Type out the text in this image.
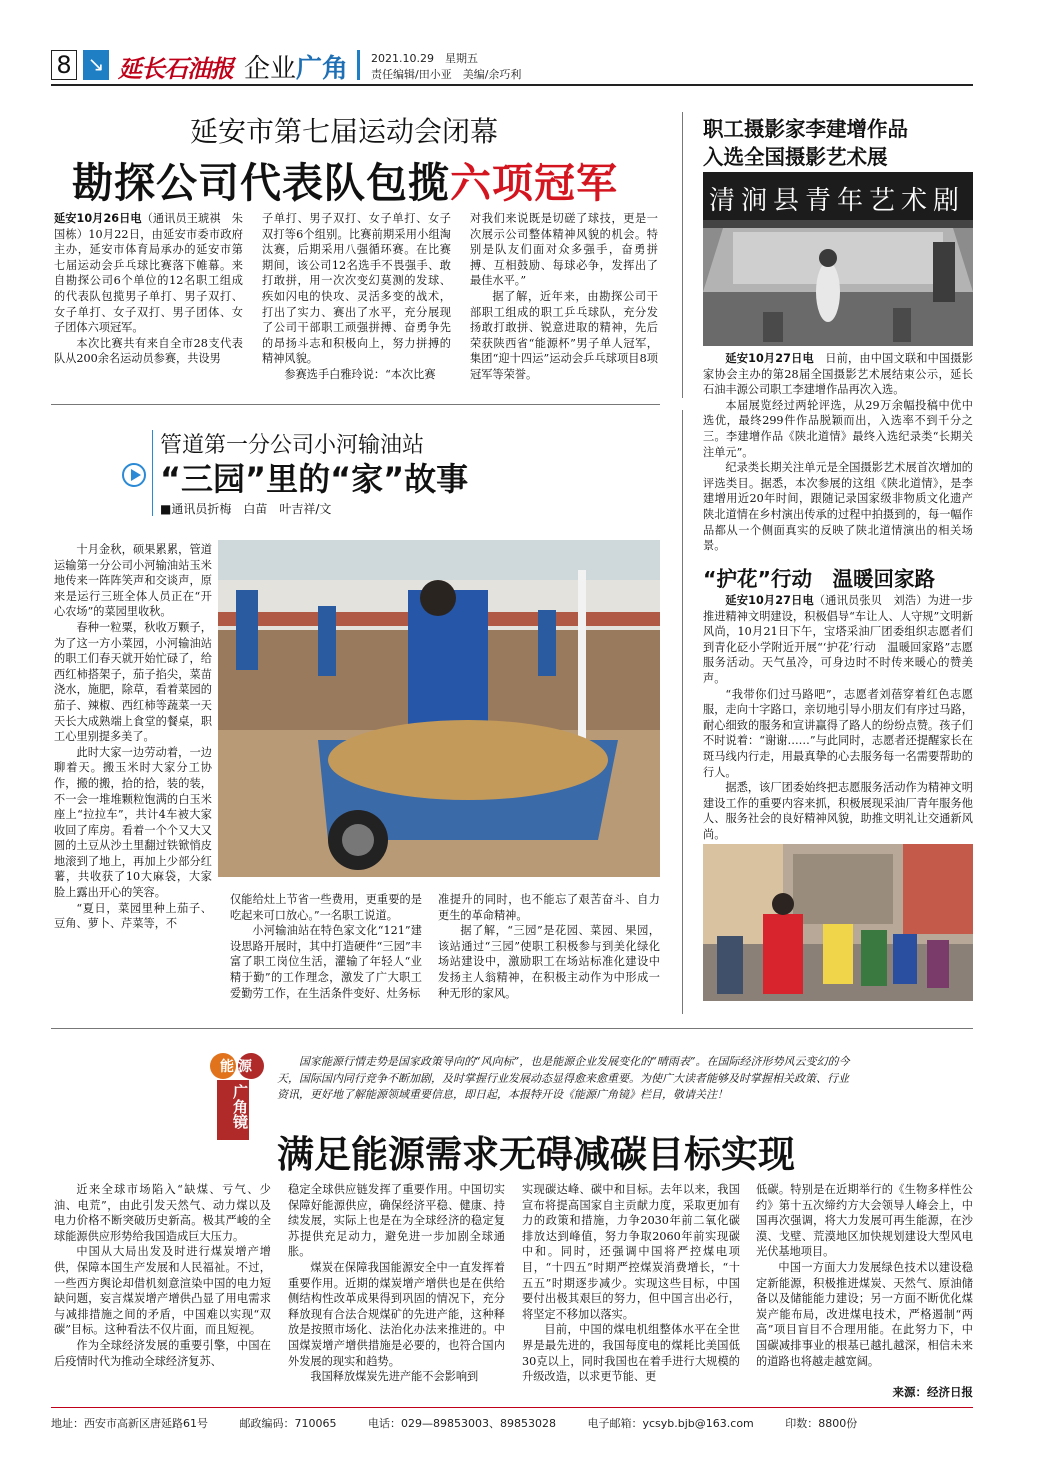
8 ↘ 延长石油报 企业广角 2021.10.29　星期五
责任编辑/田小亚　美编/余巧利
延安市第七届运动会闭幕
勘探公司代表队包揽六项冠军

延安10月26日电（通讯员王琥祺　朱国栋）10月22日，由延安市委市政府主办，延安市体育局承办的延安市第七届运动会乒乓球比赛落下帷幕。来自勘探公司6个单位的12名职工组成的代表队包揽男子单打、男子双打、女子单打、女子双打、男子团体、女子团体六项冠军。

本次比赛共有来自全市28支代表队从200余名运动员参赛，共设男

子单打、男子双打、女子单打、女子双打等6个组别。比赛前期采用小组淘汰赛，后期采用八强循环赛。在比赛期间，该公司12名选手不畏强手、敢打敢拼，用一次次变幻莫测的发球、疾如闪电的快攻、灵活多变的战术，打出了实力、赛出了水平，充分展现了公司干部职工顽强拼搏、奋勇争先的昂扬斗志和积极向上，努力拼搏的精神风貌。

参赛选手白雅玲说：“本次比赛

对我们来说既是切磋了球技，更是一次展示公司整体精神风貌的机会。特别是队友们面对众多强手，奋勇拼搏、互相鼓励、每球必争，发挥出了最佳水平。”

据了解，近年来，由勘探公司干部职工组成的职工乒乓球队，充分发扬敢打敢拼、锐意进取的精神，先后荣获陕西省“能源杯”男子单人冠军，集团“迎十四运”运动会乒乓球项目8项冠军等荣誉。

职工摄影家李建增作品
入选全国摄影艺术展
清涧县青年艺术剧

延安10月27日电　日前，由中国文联和中国摄影家协会主办的第28届全国摄影艺术展结束公示，延长石油丰源公司职工李建增作品再次入选。

本届展览经过两轮评选，从29万余幅投稿中优中选优，最终299件作品脱颖而出，入选率不到千分之三。李建增作品《陕北道情》最终入选纪录类“长期关注单元”。

纪录类长期关注单元是全国摄影艺术展首次增加的评选类目。据悉，本次参展的这组《陕北道情》，是李建增用近20年时间，跟随记录国家级非物质文化遗产陕北道情在乡村演出传承的过程中拍摄到的，每一幅作品都从一个侧面真实的反映了陕北道情演出的相关场景。

“护花”行动　温暖回家路

延安10月27日电（通讯员张贝　刘浩）为进一步推进精神文明建设，积极倡导“车让人、人守规”文明新风尚，10月21日下午，宝塔采油厂团委组织志愿者们到青化砭小学附近开展“‘护花’行动　温暖回家路”志愿服务活动。天气虽冷，可身边时不时传来暖心的赞美声。

“我带你们过马路吧”，志愿者刘蓓穿着红色志愿服，走向十字路口，亲切地引导小朋友们有序过马路，耐心细致的服务和宣讲赢得了路人的纷纷点赞。孩子们不时说着：“谢谢……”与此同时，志愿者还提醒家长在斑马线内行走，用最真挚的心去服务每一名需要帮助的行人。

据悉，该厂团委始终把志愿服务活动作为精神文明建设工作的重要内容来抓，积极展现采油厂青年服务他人、服务社会的良好精神风貌，助推文明礼让交通新风尚。

管道第一分公司小河输油站
“三园”里的“家”故事
■通讯员折梅　白苗　叶吉祥/文

十月金秋，硕果累累，管道运输第一分公司小河输油站玉米地传来一阵阵笑声和交谈声，原来是运行三班全体人员正在“开心农场”的菜园里收秋。

春种一粒粟，秋收万颗子，为了这一方小菜园，小河输油站的职工们春天就开始忙碌了，给西红柿搭架子，茄子掐尖，菜苗浇水，施肥，除草，看着菜园的茄子、辣椒、西红柿等蔬菜一天天长大成熟端上食堂的餐桌，职工心里别提多美了。

此时大家一边劳动着，一边聊着天。搬玉米时大家分工协作，搬的搬，拾的拾，装的装，不一会一堆堆颗粒饱满的白玉米座上“拉拉车”，共计4车被大家收回了库房。看着一个个又大又圆的土豆从沙土里翻过铁锨悄皮地滚到了地上，再加上少部分红薯，共收获了10大麻袋，大家脸上露出开心的笑容。

“夏日，菜园里种上茄子、豆角、萝卜、芹菜等，不

仅能给灶上节省一些费用，更重要的是吃起来可口放心。”一名职工说道。

小河输油站在特色家文化“121”建设思路开展时，其中打造硬件“三园”丰富了职工岗位生活，灌输了年轻人“业精于勤”的工作理念，激发了广大职工爱勤劳工作，在生活条件变好、灶务标

准提升的同时，也不能忘了艰苦奋斗、自力更生的革命精神。

据了解，“三园”是花园、菜园、果园，该站通过“三园”使职工积极参与到美化绿化场站建设中，激励职工在场站标准化建设中发扬主人翁精神，在积极主动作为中形成一种无形的家风。

能源
广角镜
国家能源行情走势是国家政策导向的“风向标”，也是能源企业发展变化的“晴雨表”。在国际经济形势风云变幻的今天，国际国内同行竞争不断加剧，及时掌握行业发展动态显得愈来愈重要。为使广大读者能够及时掌握相关政策、行业资讯，更好地了解能源领域重要信息，即日起，本报特开设《能源广角镜》栏目，敬请关注！
满足能源需求无碍减碳目标实现

近来全球市场陷入“缺煤、亏气、少油、电荒”，由此引发天然气、动力煤以及电力价格不断突破历史新高。极其严峻的全球能源供应形势给我国造成巨大压力。

中国从大局出发及时进行煤炭增产增供，保障本国生产发展和人民福祉。不过，一些西方舆论却借机刻意渲染中国的电力短缺问题，妄言煤炭增产增供凸显了用电需求与减排措施之间的矛盾，中国难以实现“双碳”目标。这种看法不仅片面，而且短视。

作为全球经济发展的重要引擎，中国在后疫情时代为推动全球经济复苏、

稳定全球供应链发挥了重要作用。中国切实保障好能源供应，确保经济平稳、健康、持续发展，实际上也是在为全球经济的稳定复苏提供充足动力，避免进一步加剧全球通胀。

煤炭在保障我国能源安全中一直发挥着重要作用。近期的煤炭增产增供也是在供给侧结构性改革成果得到巩固的情况下，充分释放现有合法合规煤矿的先进产能，这种释放是按照市场化、法治化办法来推进的。中国煤炭增产增供措施是必要的，也符合国内外发展的现实和趋势。

我国释放煤炭先进产能不会影响到

实现碳达峰、碳中和目标。去年以来，我国宣布将提高国家自主贡献力度，采取更加有力的政策和措施，力争2030年前二氧化碳排放达到峰值，努力争取2060年前实现碳中和。同时，还强调中国将严控煤电项目，“十四五”时期严控煤炭消费增长，“十五五”时期逐步减少。实现这些目标，中国要付出极其艰巨的努力，但中国言出必行，将坚定不移加以落实。

目前，中国的煤电机组整体水平在全世界是最先进的，我国每度电的煤耗比美国低30克以上，同时我国也在着手进行大规模的升级改造，以求更节能、更

低碳。特别是在近期举行的《生物多样性公约》第十五次缔约方大会领导人峰会上，中国再次强调，将大力发展可再生能源，在沙漠、戈壁、荒漠地区加快规划建设大型风电光伏基地项目。

中国一方面大力发展绿色技术以建设稳定新能源，积极推进煤炭、天然气、原油储备以及储能能力建设；另一方面不断优化煤炭产能布局，改进煤电技术，严格遏制“两高”项目盲目不合理用能。在此努力下，中国碳减排事业的根基已越扎越深，相信未来的道路也将越走越宽阔。

来源：经济日报
地址：西安市高新区唐延路61号	邮政编码：710065	电话：029—89853003、89853028	电子邮箱：ycsyb.bjb@163.com	印数：8800份
